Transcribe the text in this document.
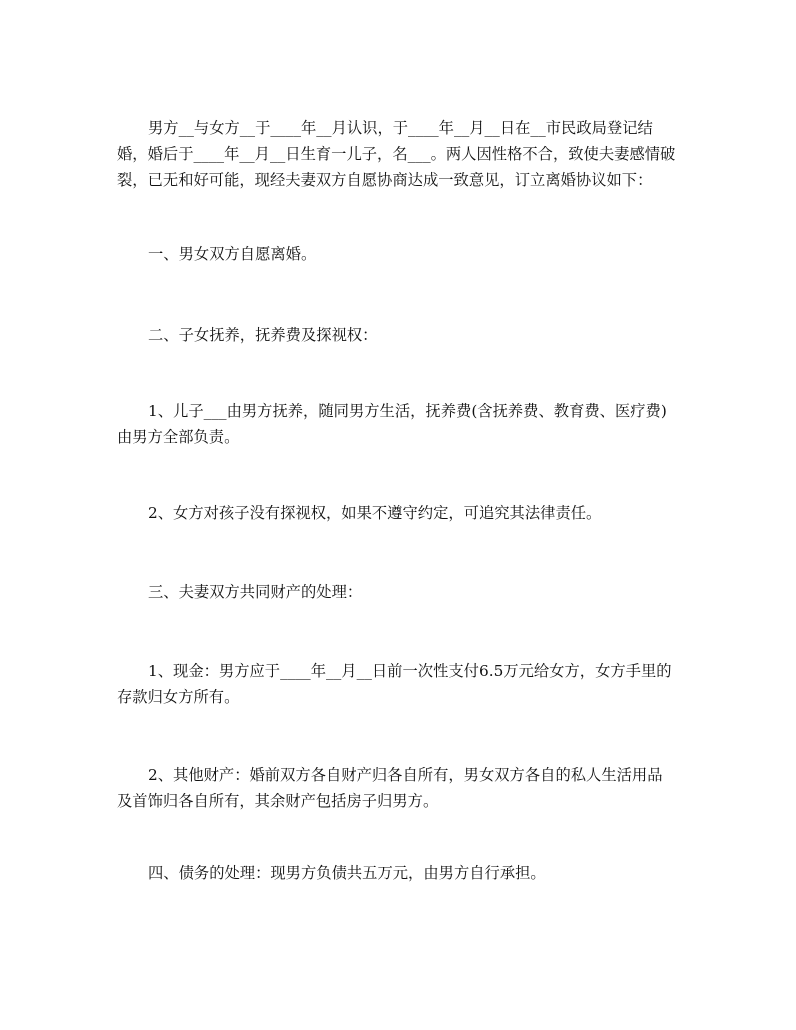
男方__与女方__于____年__月认识，于____年__月__日在__市民政局登记结婚，婚后于____年__月__日生育一儿子，名___。两人因性格不合，致使夫妻感情破裂，已无和好可能，现经夫妻双方自愿协商达成一致意见，订立离婚协议如下：

一、男女双方自愿离婚。

二、子女抚养，抚养费及探视权：

1、儿子___由男方抚养，随同男方生活，抚养费(含抚养费、教育费、医疗费)由男方全部负责。

2、女方对孩子没有探视权，如果不遵守约定，可追究其法律责任。

三、夫妻双方共同财产的处理：

1、现金：男方应于____年__月__日前一次性支付6.5万元给女方，女方手里的存款归女方所有。

2、其他财产：婚前双方各自财产归各自所有，男女双方各自的私人生活用品及首饰归各自所有，其余财产包括房子归男方。

四、债务的处理：现男方负债共五万元，由男方自行承担。
